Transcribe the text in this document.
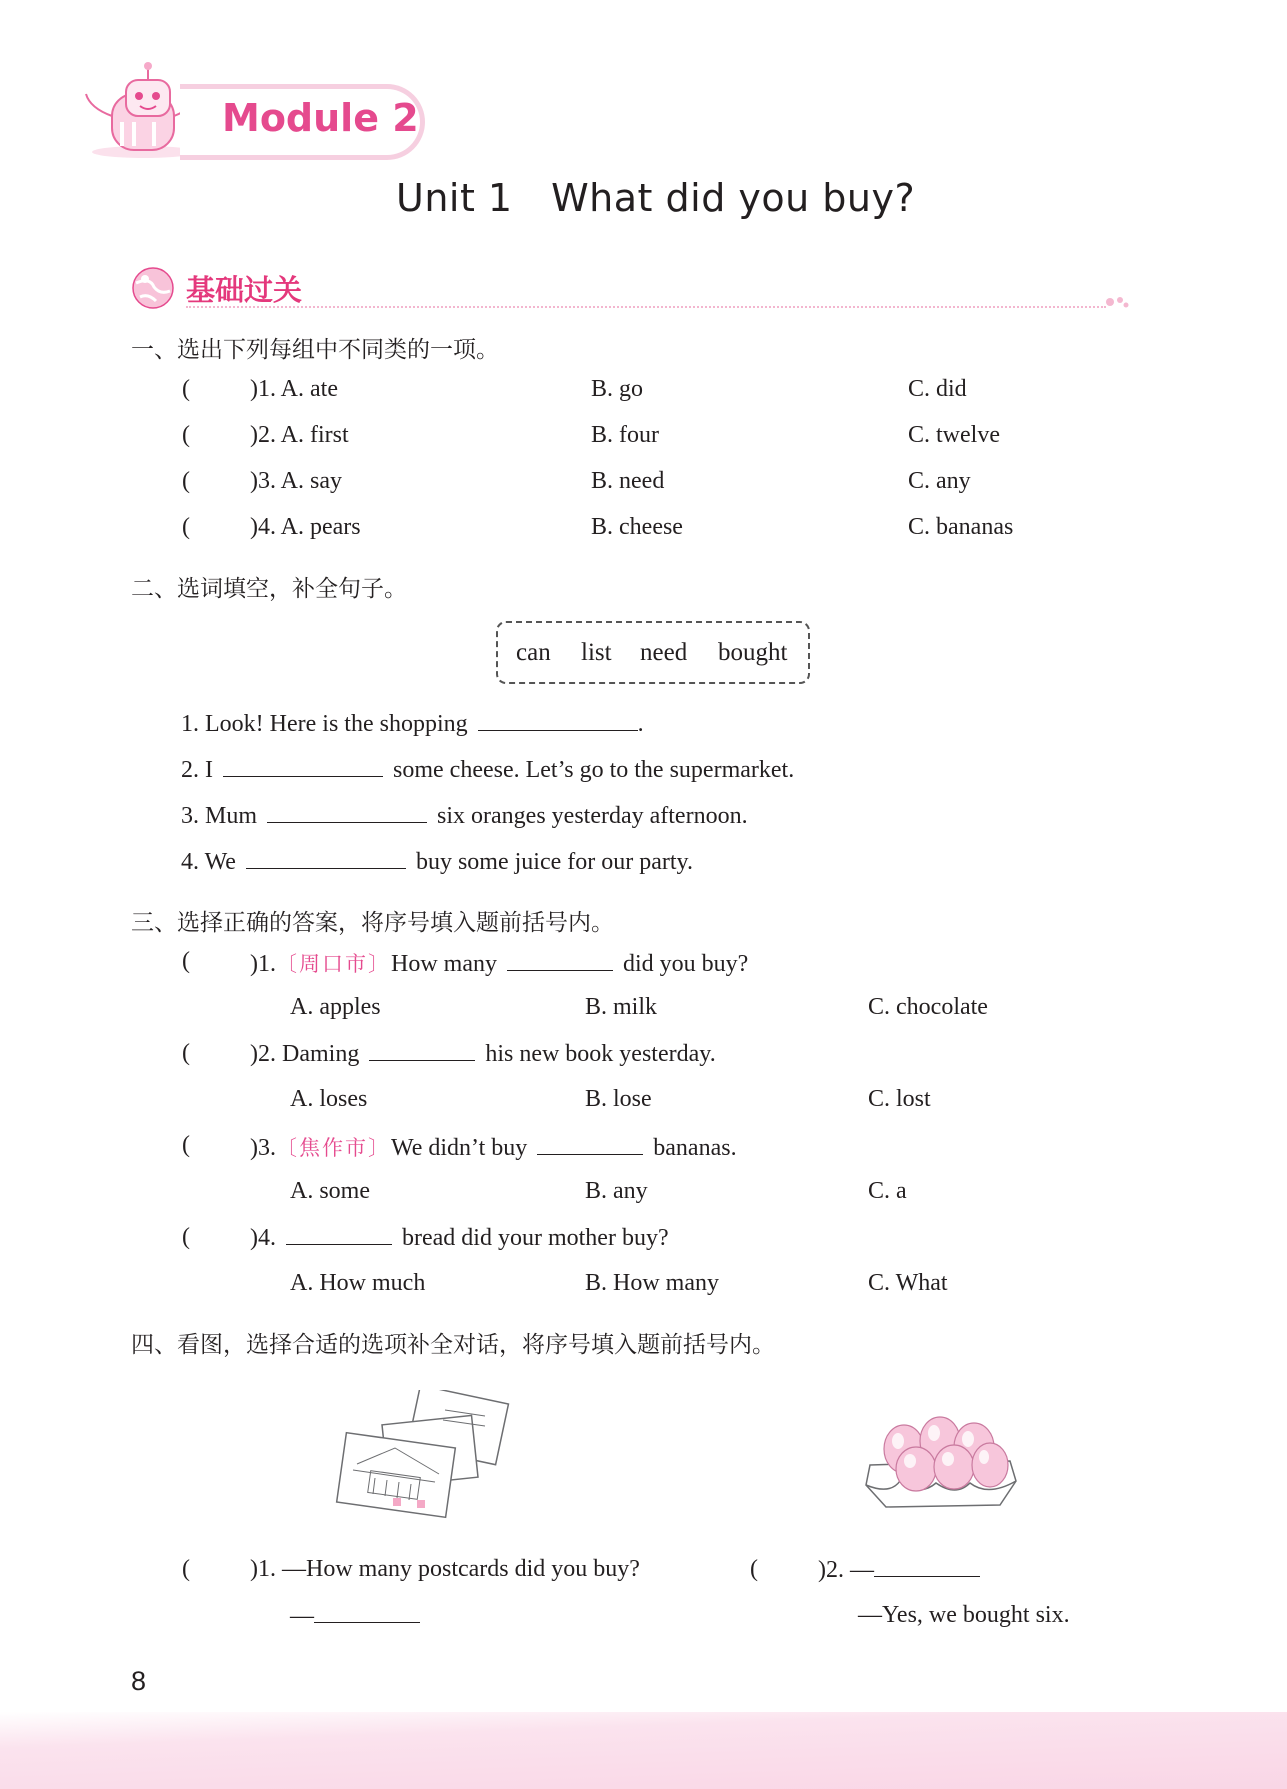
Module 2
Unit 1 What did you buy?
基础过关
一、选出下列每组中不同类的一项。
(	)1. A. ate	B. go	C. did
(	)2. A. first	B. four	C. twelve
(	)3. A. say	B. need	C. any
(	)4. A. pears	B. cheese	C. bananas
二、选词填空，补全句子。
can list need bought
1. Look! Here is the shopping	.
2. I	some cheese. Let’s go to the supermarket.
3. Mum	six oranges yesterday afternoon.
4. We	buy some juice for our party.
三、选择正确的答案，将序号填入题前括号内。
(	)1.〔周口市〕How many	did you buy?
A. apples	B. milk	C. chocolate
(	)2. Daming	his new book yesterday.
A. loses	B. lose	C. lost
(	)3.〔焦作市〕We didn’t buy	bananas.
A. some	B. any	C. a
(	)4.	bread did your mother buy?
A. How much	B. How many	C. What
四、看图，选择合适的选项补全对话，将序号填入题前括号内。
(	)1. —How many postcards did you buy?
—
(	)2. —
—Yes, we bought six.
8
